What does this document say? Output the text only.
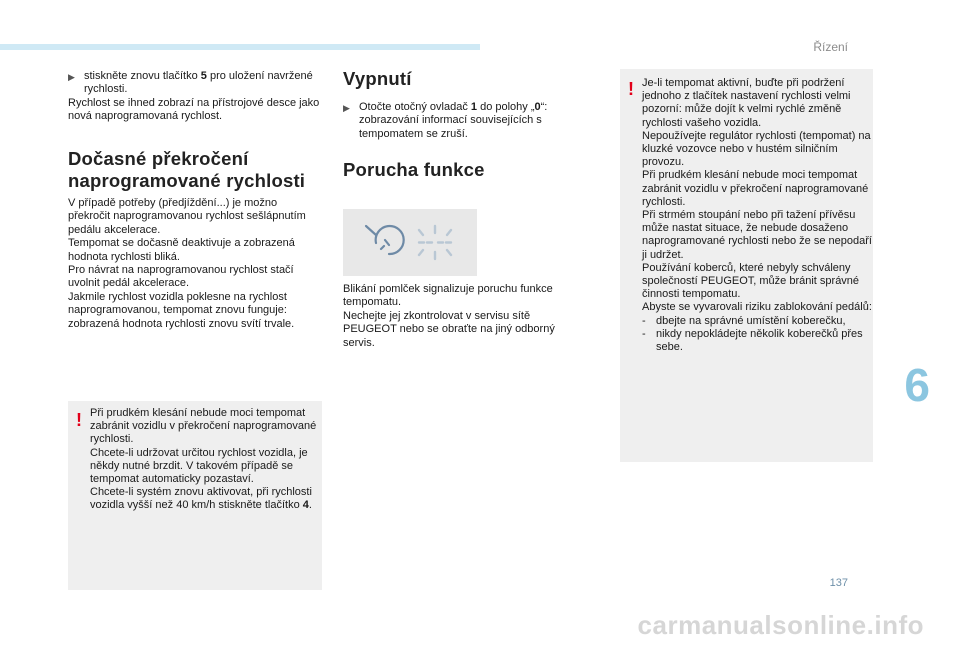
Řízení
6
137
▶ stiskněte znovu tlačítko 5 pro uložení navržené rychlosti.
Rychlost se ihned zobrazí na přístrojové desce jako nová naprogramovaná rychlost.
Dočasné překročení naprogramované rychlosti
V případě potřeby (předjíždění...) je možno překročit naprogramovanou rychlost sešlápnutím pedálu akcelerace.
Tempomat se dočasně deaktivuje a zobrazená hodnota rychlosti bliká.
Pro návrat na naprogramovanou rychlost stačí uvolnit pedál akcelerace.
Jakmile rychlost vozidla poklesne na rychlost naprogramovanou, tempomat znovu funguje: zobrazená hodnota rychlosti znovu svítí trvale.
! Při prudkém klesání nebude moci tempomat zabránit vozidlu v překročení naprogramované rychlosti.
Chcete-li udržovat určitou rychlost vozidla, je někdy nutné brzdit. V takovém případě se tempomat automaticky pozastaví.
Chcete-li systém znovu aktivovat, při rychlosti vozidla vyšší než 40 km/h stiskněte tlačítko 4.
Vypnutí
▶ Otočte otočný ovladač 1 do polohy „0“: zobrazování informací souvisejících s tempomatem se zruší.
Porucha funkce
Blikání pomlček signalizuje poruchu funkce tempomatu.
Nechejte jej zkontrolovat v servisu sítě PEUGEOT nebo se obraťte na jiný odborný servis.
! Je-li tempomat aktivní, buďte při podržení jednoho z tlačítek nastavení rychlosti velmi pozorní: může dojít k velmi rychlé změně rychlosti vašeho vozidla.
Nepoužívejte regulátor rychlosti (tempomat) na kluzké vozovce nebo v hustém silničním provozu.
Při prudkém klesání nebude moci tempomat zabránit vozidlu v překročení naprogramované rychlosti.
Při strmém stoupání nebo při tažení přívěsu může nastat situace, že nebude dosaženo naprogramované rychlosti nebo že se nepodaří ji udržet.
Používání koberců, které nebyly schváleny společností PEUGEOT, může bránit správné činnosti tempomatu.
Abyste se vyvarovali riziku zablokování pedálů:
- dbejte na správné umístění koberečku,
- nikdy nepokládejte několik koberečků přes sebe.
carmanualsonline.info
